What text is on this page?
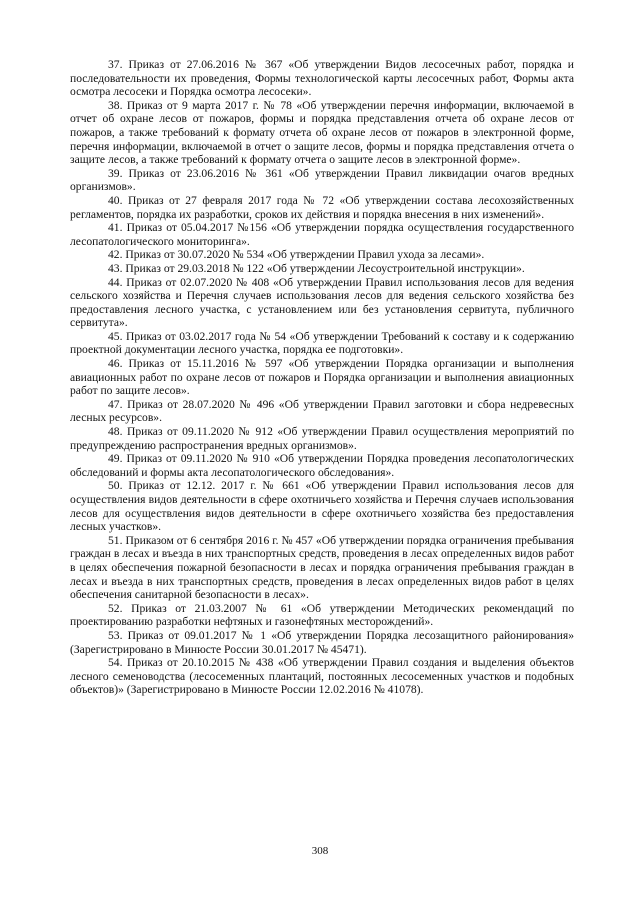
37. Приказ от 27.06.2016 № 367 «Об утверждении Видов лесосечных работ, порядка и последовательности их проведения, Формы технологической карты лесосечных работ, Формы акта осмотра лесосеки и Порядка осмотра лесосеки».

38. Приказ от 9 марта 2017 г. № 78 «Об утверждении перечня информации, включаемой в отчет об охране лесов от пожаров, формы и порядка представления отчета об охране лесов от пожаров, а также требований к формату отчета об охране лесов от пожаров в электронной форме, перечня информации, включаемой в отчет о защите лесов, формы и порядка представления отчета о защите лесов, а также требований к формату отчета о защите лесов в электронной форме».

39. Приказ от 23.06.2016 № 361 «Об утверждении Правил ликвидации очагов вредных организмов».

40. Приказ от 27 февраля 2017 года № 72 «Об утверждении состава лесохозяйственных регламентов, порядка их разработки, сроков их действия и порядка внесения в них изменений».

41. Приказ от 05.04.2017 №156 «Об утверждении порядка осуществления государственного лесопатологического мониторинга».

42. Приказ от 30.07.2020 № 534 «Об утверждении Правил ухода за лесами».

43. Приказ от 29.03.2018 № 122 «Об утверждении Лесоустроительной инструкции».

44. Приказ от 02.07.2020 № 408 «Об утверждении Правил использования лесов для ведения сельского хозяйства и Перечня случаев использования лесов для ведения сельского хозяйства без предоставления лесного участка, с установлением или без установления сервитута, публичного сервитута».

45. Приказ от 03.02.2017 года № 54 «Об утверждении Требований к составу и к содержанию проектной документации лесного участка, порядка ее подготовки».

46. Приказ от 15.11.2016 № 597 «Об утверждении Порядка организации и выполнения авиационных работ по охране лесов от пожаров и Порядка организации и выполнения авиационных работ по защите лесов».

47. Приказ от 28.07.2020 № 496 «Об утверждении Правил заготовки и сбора недревесных лесных ресурсов».

48. Приказ от 09.11.2020 № 912 «Об утверждении Правил осуществления мероприятий по предупреждению распространения вредных организмов».

49. Приказ от 09.11.2020 № 910 «Об утверждении Порядка проведения лесопатологических обследований и формы акта лесопатологического обследования».

50. Приказ от 12.12. 2017 г. № 661 «Об утверждении Правил использования лесов для осуществления видов деятельности в сфере охотничьего хозяйства и Перечня случаев использования лесов для осуществления видов деятельности в сфере охотничьего хозяйства без предоставления лесных участков».

51. Приказом от 6 сентября 2016 г. № 457 «Об утверждении порядка ограничения пребывания граждан в лесах и въезда в них транспортных средств, проведения в лесах определенных видов работ в целях обеспечения пожарной безопасности в лесах и порядка ограничения пребывания граждан в лесах и въезда в них транспортных средств, проведения в лесах определенных видов работ в целях обеспечения санитарной безопасности в лесах».

52. Приказ от 21.03.2007 № 61 «Об утверждении Методических рекомендаций по проектированию разработки нефтяных и газонефтяных месторождений».

53. Приказ от 09.01.2017 № 1 «Об утверждении Порядка лесозащитного районирования» (Зарегистрировано в Минюсте России 30.01.2017 № 45471).

54. Приказ от 20.10.2015 № 438 «Об утверждении Правил создания и выделения объектов лесного семеноводства (лесосеменных плантаций, постоянных лесосеменных участков и подобных объектов)» (Зарегистрировано в Минюсте России 12.02.2016 № 41078).

308
